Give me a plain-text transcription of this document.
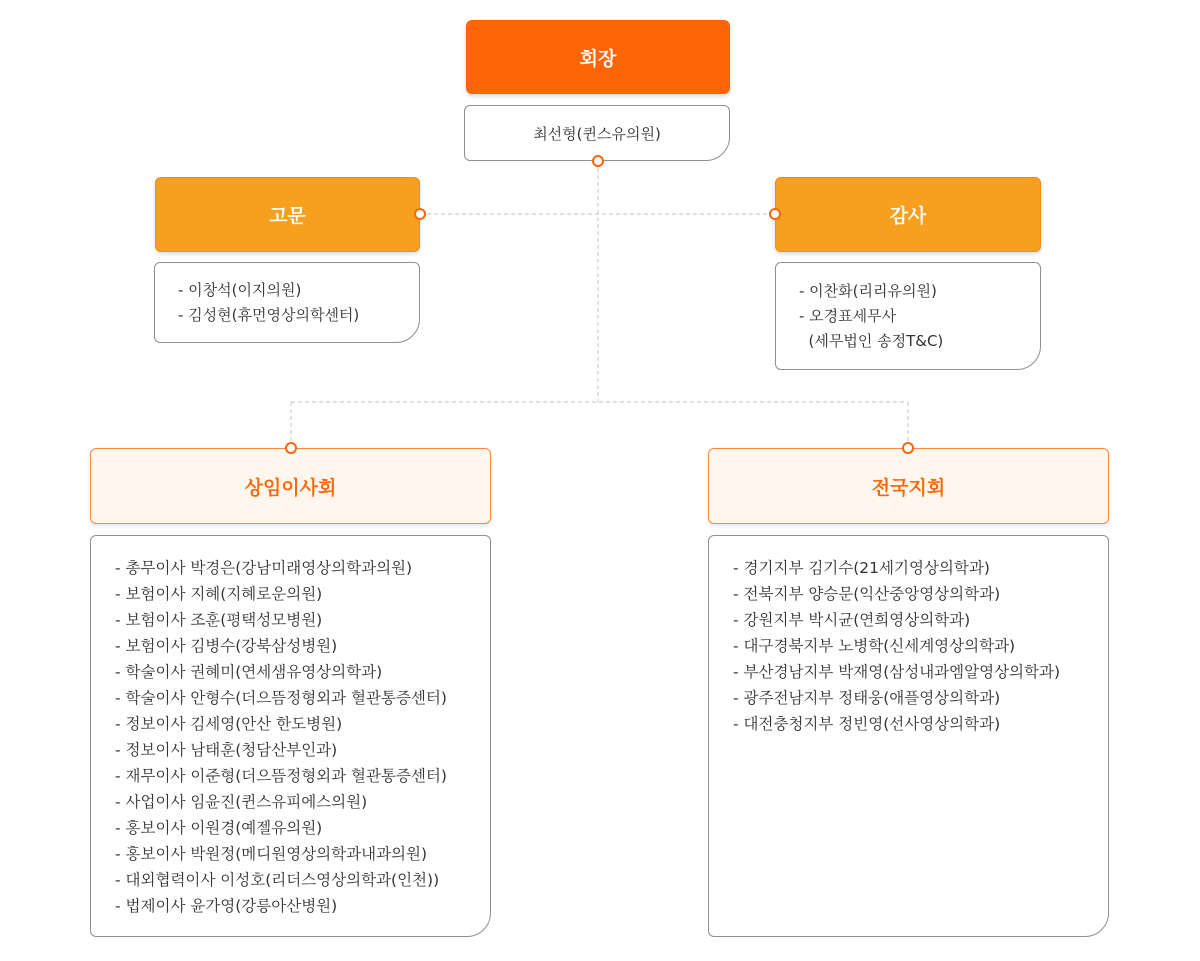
회장
최선형(퀸스유의원)
고문
- 이창석(이지의원)
- 김성현(휴먼영상의학센터)
감사
- 이찬화(리리유의원)
- 오경표세무사
(세무법인 송정T&C)
상임이사회
- 총무이사 박경은(강남미래영상의학과의원)
- 보험이사 지혜(지혜로운의원)
- 보험이사 조훈(평택성모병원)
- 보험이사 김병수(강북삼성병원)
- 학술이사 권혜미(연세샘유영상의학과)
- 학술이사 안형수(더으뜸정형외과 혈관통증센터)
- 정보이사 김세영(안산 한도병원)
- 정보이사 남태훈(청담산부인과)
- 재무이사 이준형(더으뜸정형외과 혈관통증센터)
- 사업이사 임윤진(퀸스유피에스의원)
- 홍보이사 이원경(예젤유의원)
- 홍보이사 박원정(메디원영상의학과내과의원)
- 대외협력이사 이성호(리더스영상의학과(인천))
- 법제이사 윤가영(강릉아산병원)
전국지회
- 경기지부 김기수(21세기영상의학과)
- 전북지부 양승문(익산중앙영상의학과)
- 강원지부 박시균(연희영상의학과)
- 대구경북지부 노병학(신세계영상의학과)
- 부산경남지부 박재영(삼성내과엠알영상의학과)
- 광주전남지부 정태웅(애플영상의학과)
- 대전충청지부 정빈영(선사영상의학과)
